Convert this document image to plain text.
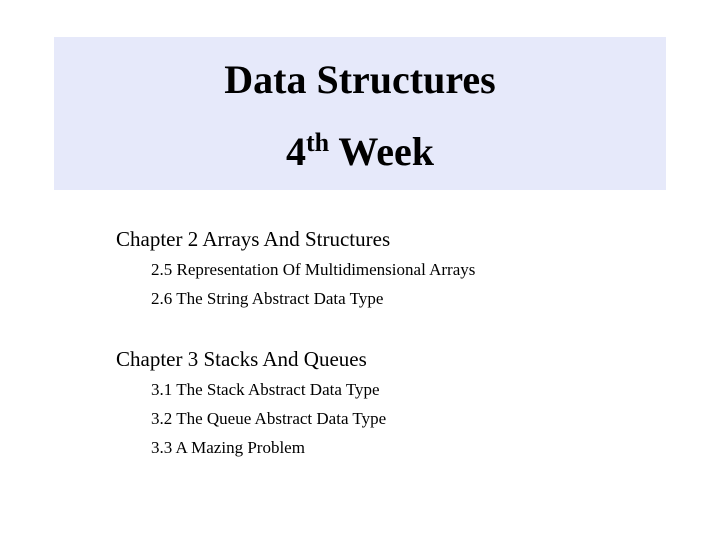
Data Structures
4th Week
Chapter 2 Arrays And Structures
2.5 Representation Of Multidimensional Arrays
2.6 The String Abstract Data Type
Chapter 3 Stacks And Queues
3.1 The Stack Abstract Data Type
3.2 The Queue Abstract Data Type
3.3 A Mazing Problem
